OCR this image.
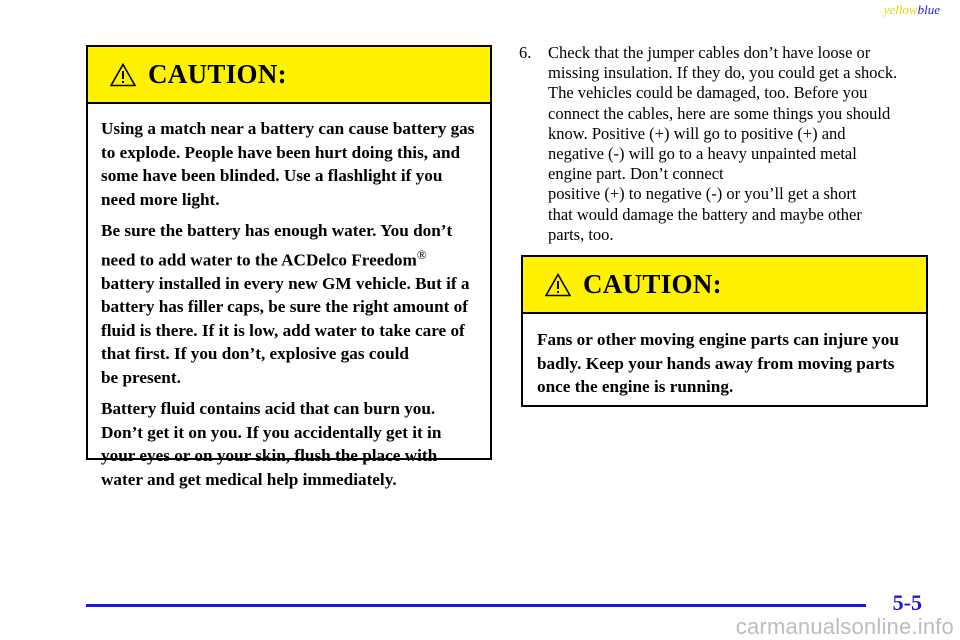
yellowblue
CAUTION:

Using a match near a battery can cause battery gas to explode. People have been hurt doing this, and some have been blinded. Use a flashlight if you need more light.

Be sure the battery has enough water. You don’t need to add water to the ACDelco Freedom® battery installed in every new GM vehicle. But if a battery has filler caps, be sure the right amount of fluid is there. If it is low, add water to take care of that first. If you don’t, explosive gas could
be present.

Battery fluid contains acid that can burn you. Don’t get it on you. If you accidentally get it in your eyes or on your skin, flush the place with water and get medical help immediately.

6. Check that the jumper cables don’t have loose or
missing insulation. If they do, you could get a shock.
The vehicles could be damaged, too. Before you
connect the cables, here are some things you should
know. Positive (+) will go to positive (+) and
negative (-) will go to a heavy unpainted metal
engine part. Don’t connect
positive (+) to negative (-) or you’ll get a short
that would damage the battery and maybe other
parts, too.
CAUTION:

Fans or other moving engine parts can injure you badly. Keep your hands away from moving parts once the engine is running.

5-5
carmanualsonline.info
